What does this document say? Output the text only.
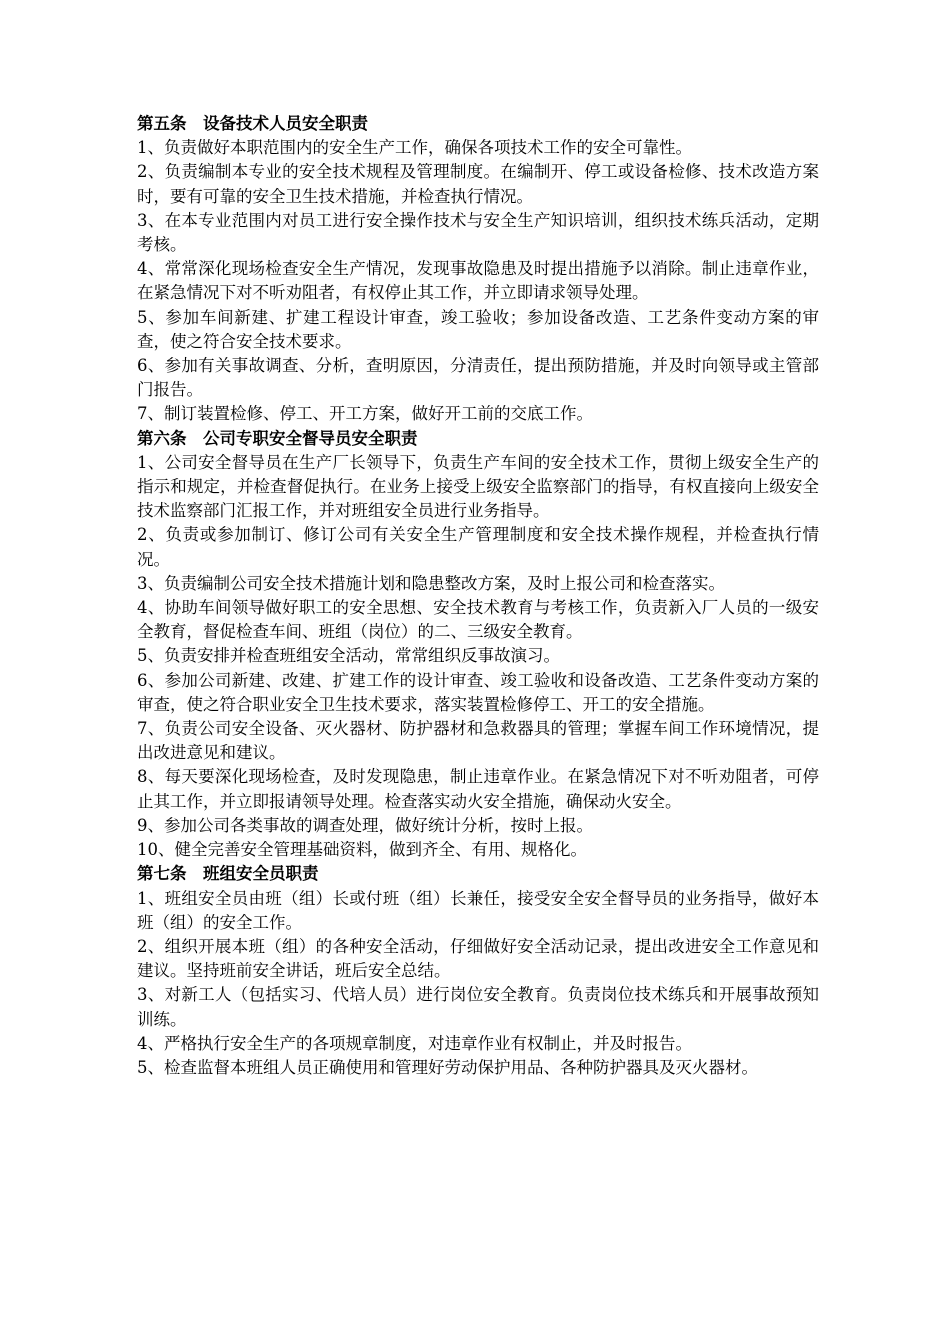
第五条　设备技术人员安全职责

1、负责做好本职范围内的安全生产工作，确保各项技术工作的安全可靠性。

2、负责编制本专业的安全技术规程及管理制度。在编制开、停工或设备检修、技术改造方案时，要有可靠的安全卫生技术措施，并检查执行情况。

3、在本专业范围内对员工进行安全操作技术与安全生产知识培训，组织技术练兵活动，定期考核。

4、常常深化现场检查安全生产情况，发现事故隐患及时提出措施予以消除。制止违章作业，在紧急情况下对不听劝阻者，有权停止其工作，并立即请求领导处理。

5、参加车间新建、扩建工程设计审查，竣工验收；参加设备改造、工艺条件变动方案的审查，使之符合安全技术要求。

6、参加有关事故调查、分析，查明原因，分清责任，提出预防措施，并及时向领导或主管部门报告。

7、制订装置检修、停工、开工方案，做好开工前的交底工作。

第六条　公司专职安全督导员安全职责

1、公司安全督导员在生产厂长领导下，负责生产车间的安全技术工作，贯彻上级安全生产的指示和规定，并检查督促执行。在业务上接受上级安全监察部门的指导，有权直接向上级安全技术监察部门汇报工作，并对班组安全员进行业务指导。

2、负责或参加制订、修订公司有关安全生产管理制度和安全技术操作规程，并检查执行情况。

3、负责编制公司安全技术措施计划和隐患整改方案，及时上报公司和检查落实。

4、协助车间领导做好职工的安全思想、安全技术教育与考核工作，负责新入厂人员的一级安全教育，督促检查车间、班组（岗位）的二、三级安全教育。

5、负责安排并检查班组安全活动，常常组织反事故演习。

6、参加公司新建、改建、扩建工作的设计审查、竣工验收和设备改造、工艺条件变动方案的审查，使之符合职业安全卫生技术要求，落实装置检修停工、开工的安全措施。

7、负责公司安全设备、灭火器材、防护器材和急救器具的管理；掌握车间工作环境情况，提出改进意见和建议。

8、每天要深化现场检查，及时发现隐患，制止违章作业。在紧急情况下对不听劝阻者，可停止其工作，并立即报请领导处理。检查落实动火安全措施，确保动火安全。

9、参加公司各类事故的调查处理，做好统计分析，按时上报。

10、健全完善安全管理基础资料，做到齐全、有用、规格化。

第七条　班组安全员职责

1、班组安全员由班（组）长或付班（组）长兼任，接受安全安全督导员的业务指导，做好本班（组）的安全工作。

2、组织开展本班（组）的各种安全活动，仔细做好安全活动记录，提出改进安全工作意见和建议。坚持班前安全讲话，班后安全总结。

3、对新工人（包括实习、代培人员）进行岗位安全教育。负责岗位技术练兵和开展事故预知训练。

4、严格执行安全生产的各项规章制度，对违章作业有权制止，并及时报告。

5、检查监督本班组人员正确使用和管理好劳动保护用品、各种防护器具及灭火器材。
